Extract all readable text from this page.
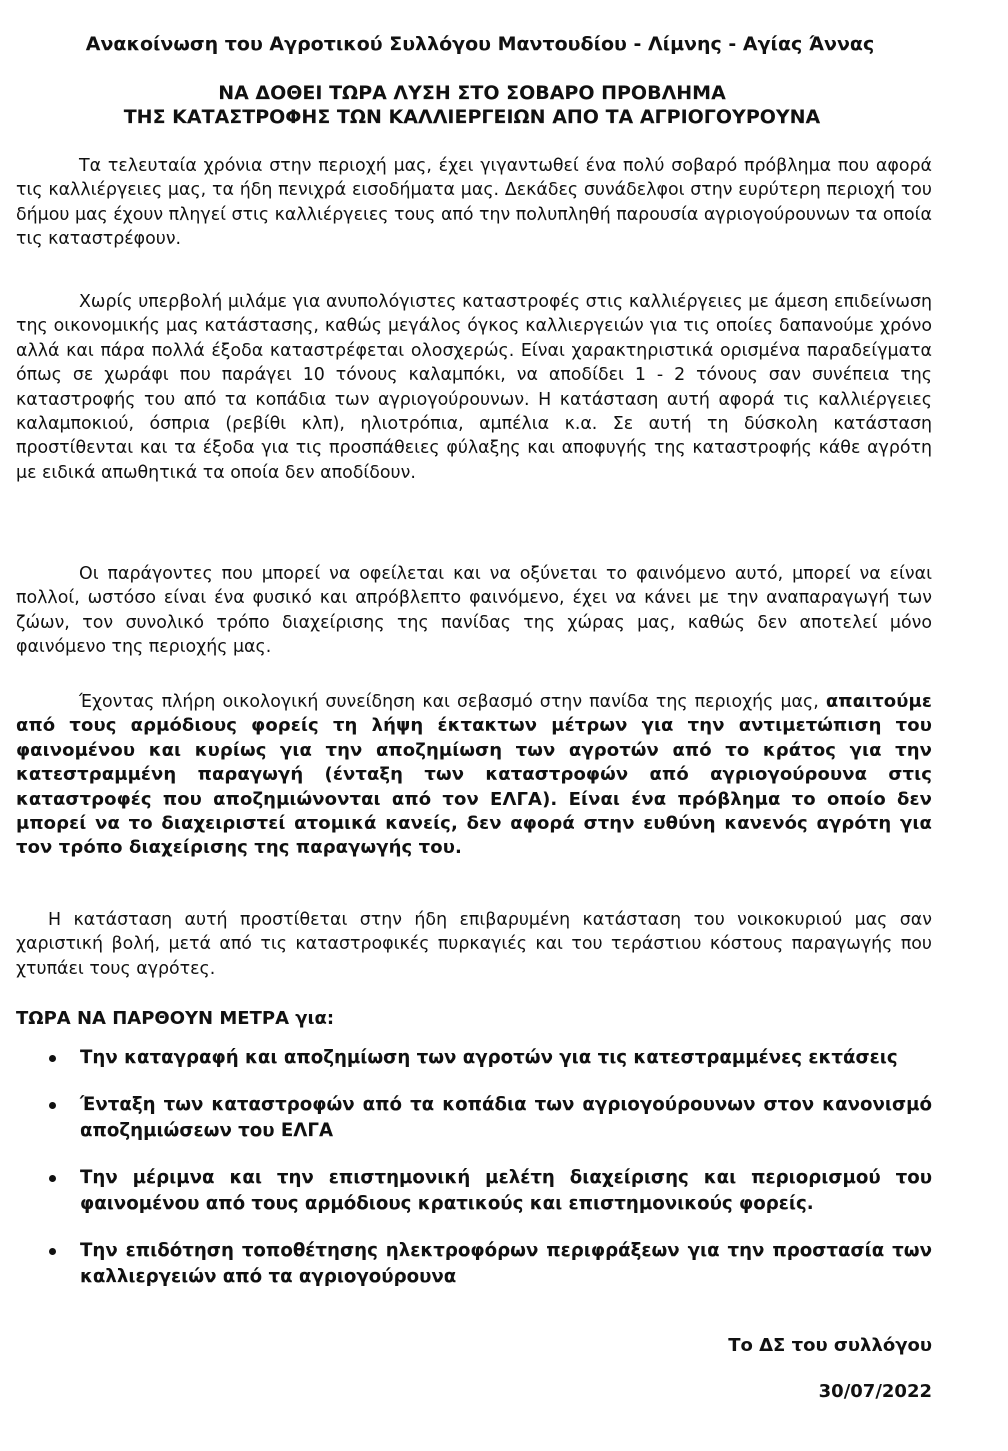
Ανακοίνωση του Αγροτικού Συλλόγου Μαντουδίου - Λίμνης - Αγίας Άννας

ΝΑ ΔΟΘΕΙ ΤΩΡΑ ΛΥΣΗ ΣΤΟ ΣΟΒΑΡΟ ΠΡΟΒΛΗΜΑ
ΤΗΣ ΚΑΤΑΣΤΡΟΦΗΣ ΤΩΝ ΚΑΛΛΙΕΡΓΕΙΩΝ ΑΠΟ ΤΑ ΑΓΡΙΟΓΟΥΡΟΥΝΑ

Τα τελευταία χρόνια στην περιοχή μας, έχει γιγαντωθεί ένα πολύ σοβαρό πρόβλημα που αφορά τις καλλιέργειες μας, τα ήδη πενιχρά εισοδήματα μας. Δεκάδες συνάδελφοι στην ευρύτερη περιοχή του δήμου μας έχουν πληγεί στις καλλιέργειες τους από την πολυπληθή παρουσία αγριογούρουνων τα οποία τις καταστρέφουν.

Χωρίς υπερβολή μιλάμε για ανυπολόγιστες καταστροφές στις καλλιέργειες με άμεση επιδείνωση της οικονομικής μας κατάστασης, καθώς μεγάλος όγκος καλλιεργειών για τις οποίες δαπανούμε χρόνο αλλά και πάρα πολλά έξοδα καταστρέφεται ολοσχερώς. Είναι χαρακτηριστικά ορισμένα παραδείγματα όπως σε χωράφι που παράγει 10 τόνους καλαμπόκι, να αποδίδει 1 - 2 τόνους σαν συνέπεια της καταστροφής του από τα κοπάδια των αγριογούρουνων. Η κατάσταση αυτή αφορά τις καλλιέργειες καλαμποκιού, όσπρια (ρεβίθι κλπ), ηλιοτρόπια, αμπέλια κ.α. Σε αυτή τη δύσκολη κατάσταση προστίθενται και τα έξοδα για τις προσπάθειες φύλαξης και αποφυγής της καταστροφής κάθε αγρότη με ειδικά απωθητικά τα οποία δεν αποδίδουν.

Οι παράγοντες που μπορεί να οφείλεται και να οξύνεται το φαινόμενο αυτό, μπορεί να είναι πολλοί, ωστόσο είναι ένα φυσικό και απρόβλεπτο φαινόμενο, έχει να κάνει με την αναπαραγωγή των ζώων, τον συνολικό τρόπο διαχείρισης της πανίδας της χώρας μας, καθώς δεν αποτελεί μόνο φαινόμενο της περιοχής μας.

Έχοντας πλήρη οικολογική συνείδηση και σεβασμό στην πανίδα της περιοχής μας, απαιτούμε από τους αρμόδιους φορείς τη λήψη έκτακτων μέτρων για την αντιμετώπιση του φαινομένου και κυρίως για την αποζημίωση των αγροτών από το κράτος για την κατεστραμμένη παραγωγή (ένταξη των καταστροφών από αγριογούρουνα στις καταστροφές που αποζημιώνονται από τον ΕΛΓΑ). Είναι ένα πρόβλημα το οποίο δεν μπορεί να το διαχειριστεί ατομικά κανείς, δεν αφορά στην ευθύνη κανενός αγρότη για τον τρόπο διαχείρισης της παραγωγής του.

Η κατάσταση αυτή προστίθεται στην ήδη επιβαρυμένη κατάσταση του νοικοκυριού μας σαν χαριστική βολή, μετά από τις καταστροφικές πυρκαγιές και του τεράστιου κόστους παραγωγής που χτυπάει τους αγρότες.

ΤΩΡΑ ΝΑ ΠΑΡΘΟΥΝ ΜΕΤΡΑ για:

Την καταγραφή και αποζημίωση των αγροτών για τις κατεστραμμένες εκτάσεις
Ένταξη των καταστροφών από τα κοπάδια των αγριογούρουνων στον κανονισμό αποζημιώσεων του ΕΛΓΑ
Την μέριμνα και την επιστημονική μελέτη διαχείρισης και περιορισμού του φαινομένου από τους αρμόδιους κρατικούς και επιστημονικούς φορείς.
Την επιδότηση τοποθέτησης ηλεκτροφόρων περιφράξεων για την προστασία των καλλιεργειών από τα αγριογούρουνα

Το ΔΣ του συλλόγου

30/07/2022
